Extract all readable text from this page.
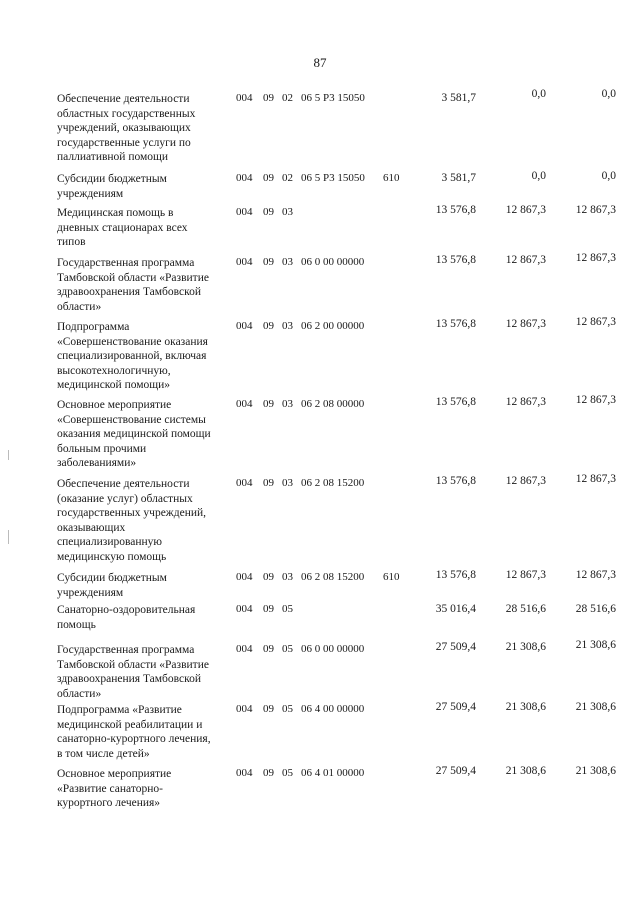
87
Обеспечение деятельности
областных государственных
учреждений, оказывающих
государственные услуги по
паллиативной помощи
004 09 02 06 5 Р3 15050	3 581,7	0,0	0,0
Субсидии бюджетным
учреждениям
004 09 02 06 5 Р3 15050 610	3 581,7	0,0	0,0
Медицинская помощь в
дневных стационарах всех
типов
004 09 03	13 576,8	12 867,3	12 867,3
Государственная программа
Тамбовской области «Развитие
здравоохранения Тамбовской
области»
004 09 03 06 0 00 00000	13 576,8	12 867,3	12 867,3
Подпрограмма
«Совершенствование оказания
специализированной, включая
высокотехнологичную,
медицинской помощи»
004 09 03 06 2 00 00000	13 576,8	12 867,3	12 867,3
Основное мероприятие
«Совершенствование системы
оказания медицинской помощи
больным прочими
заболеваниями»
004 09 03 06 2 08 00000	13 576,8	12 867,3	12 867,3
Обеспечение деятельности
(оказание услуг) областных
государственных учреждений,
оказывающих
специализированную
медицинскую помощь
004 09 03 06 2 08 15200	13 576,8	12 867,3	12 867,3
Субсидии бюджетным
учреждениям
004 09 03 06 2 08 15200 610	13 576,8	12 867,3	12 867,3
Санаторно-оздоровительная
помощь
004 09 05	35 016,4	28 516,6	28 516,6
Государственная программа
Тамбовской области «Развитие
здравоохранения Тамбовской
области»
004 09 05 06 0 00 00000	27 509,4	21 308,6	21 308,6
Подпрограмма «Развитие
медицинской реабилитации и
санаторно-курортного лечения,
в том числе детей»
004 09 05 06 4 00 00000	27 509,4	21 308,6	21 308,6
Основное мероприятие
«Развитие санаторно-
курортного лечения»
004 09 05 06 4 01 00000	27 509,4	21 308,6	21 308,6
